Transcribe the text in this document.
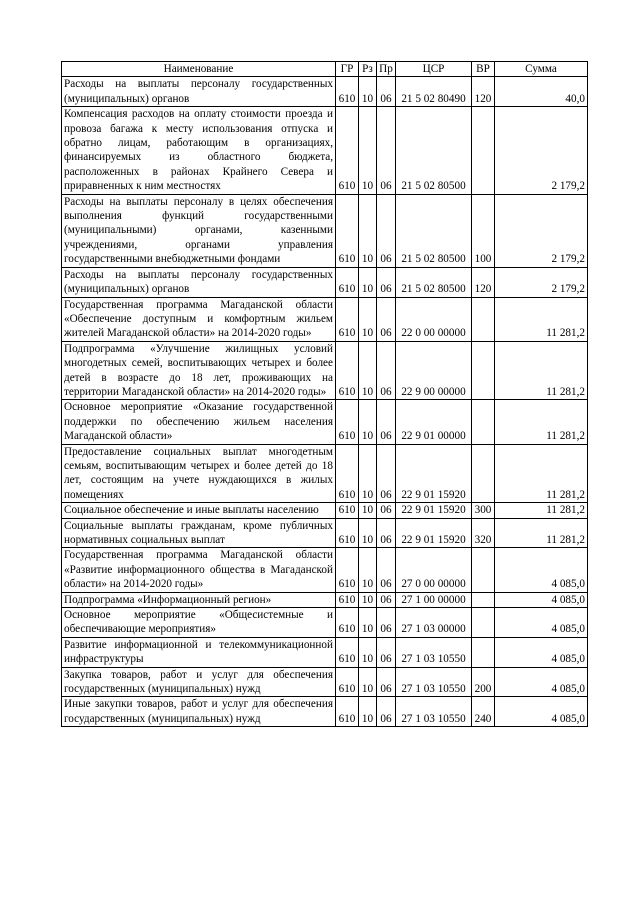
Наименование	ГР	Рз	Пр	ЦСР	ВР	Сумма
Расходы на выплаты персоналу государственных (муниципальных) органов	610	10	06	21 5 02 80490	120	40,0
Компенсация расходов на оплату стоимости проезда и провоза багажа к месту использования отпуска и обратно лицам, работающим в организациях, финансируемых из областного бюджета, расположенных в районах Крайнего Севера и приравненных к ним местностях	610	10	06	21 5 02 80500		2 179,2
Расходы на выплаты персоналу в целях обеспечения выполнения функций государственными (муниципальными) органами, казенными учреждениями, органами управления государственными внебюджетными фондами	610	10	06	21 5 02 80500	100	2 179,2
Расходы на выплаты персоналу государственных (муниципальных) органов	610	10	06	21 5 02 80500	120	2 179,2
Государственная программа Магаданской области «Обеспечение доступным и комфортным жильем жителей Магаданской области» на 2014-2020 годы»	610	10	06	22 0 00 00000		11 281,2
Подпрограмма «Улучшение жилищных условий многодетных семей, воспитывающих четырех и более детей в возрасте до 18 лет, проживающих на территории Магаданской области» на 2014-2020 годы»	610	10	06	22 9 00 00000		11 281,2
Основное мероприятие «Оказание государственной поддержки по обеспечению жильем населения Магаданской области»	610	10	06	22 9 01 00000		11 281,2
Предоставление социальных выплат многодетным семьям, воспитывающим четырех и более детей до 18 лет, состоящим на учете нуждающихся в жилых помещениях	610	10	06	22 9 01 15920		11 281,2
Социальное обеспечение и иные выплаты населению	610	10	06	22 9 01 15920	300	11 281,2
Социальные выплаты гражданам, кроме публичных нормативных социальных выплат	610	10	06	22 9 01 15920	320	11 281,2
Государственная программа Магаданской области «Развитие информационного общества в Магаданской области» на 2014-2020 годы»	610	10	06	27 0 00 00000		4 085,0
Подпрограмма «Информационный регион»	610	10	06	27 1 00 00000		4 085,0
Основное мероприятие «Общесистемные и обеспечивающие мероприятия»	610	10	06	27 1 03 00000		4 085,0
Развитие информационной и телекоммуникационной инфраструктуры	610	10	06	27 1 03 10550		4 085,0
Закупка товаров, работ и услуг для обеспечения государственных (муниципальных) нужд	610	10	06	27 1 03 10550	200	4 085,0
Иные закупки товаров, работ и услуг для обеспечения государственных (муниципальных) нужд	610	10	06	27 1 03 10550	240	4 085,0
